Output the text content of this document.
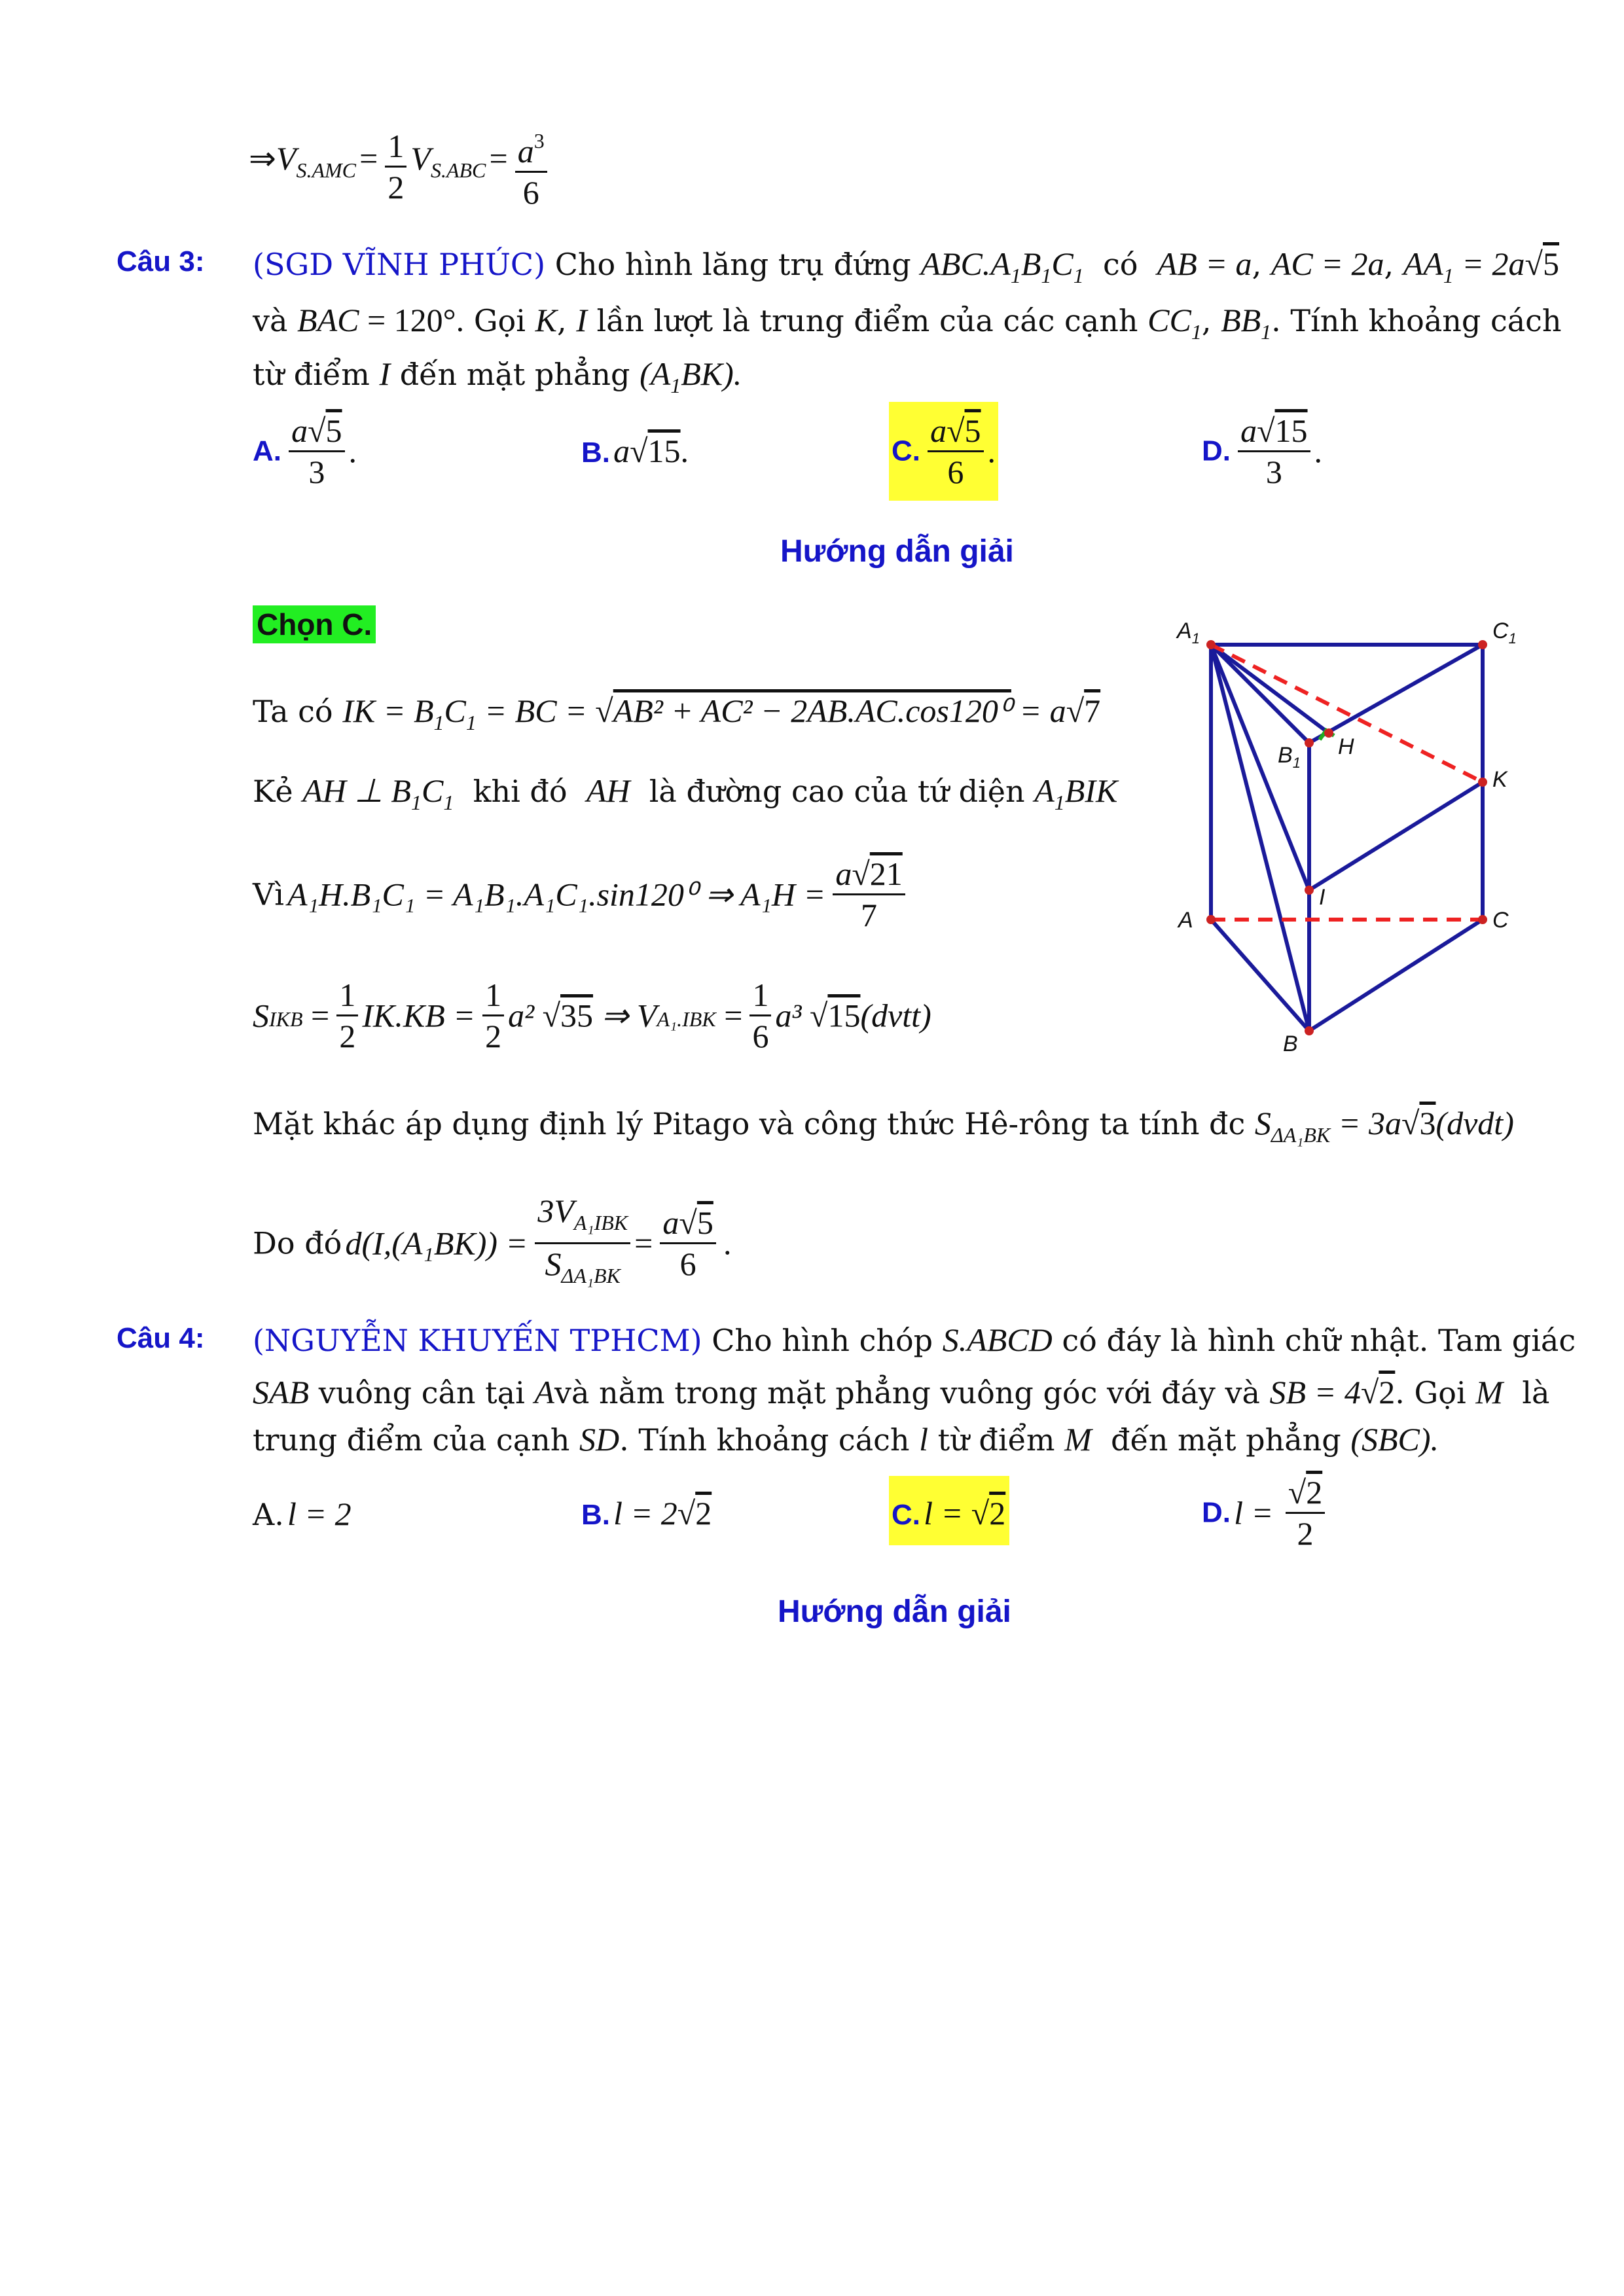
⇒VS.AMC = $\frac{1}{2} VS.ABC = \frac{a^3}{6}$
Câu 3: (SGD VĨNH PHÚC) Cho hình lăng trụ đứng $ABC.A_1B_1C_1$ có AB = a, AC = 2a, $AA_1 = 2a√5$
và BAC = 120°. Gọi K, I lần lượt là trung điểm của các cạnh $CC_1$, $BB_1$. Tính khoảng cách
từ điểm I đến mặt phẳng $(A_1BK)$.
A. $\frac{a√5}{3}$ .	B. a√15.	C. $\frac{a√5}{6}$ .	D. $\frac{a√15}{3}$ .
Hướng dẫn giải
Chọn C.
Ta có IK = $B_1C_1$ = BC = √AB² + AC² − 2AB.AC.cos120⁰ = a√7
Kẻ AH ⊥ $B_1C_1$ khi đó AH là đường cao của tứ diện $A_1BIK$
Vì A₁H.B₁C₁ = A₁B₁.A₁C₁.sin120⁰ ⇒ $A_1H = \frac{a√21}{7}$
SIKB = $\frac{1}{2} IK.KB = \frac{1}{2} a^2$ √35 ⇒ $VA_1.IBK = \frac{1}{6} a^3$ √15(dvtt)
Mặt khác áp dụng định lý Pitago và công thức Hê-rông ta tính đc $S_{\Delta A_1BK}$ = 3a√3(dvdt)
Do đó $d(I,(A_1BK)) = \frac{3V_{A_1IBK}}{S_{\Delta A_1BK}} = \frac{a√5}{6}$ .
$A_1$	$C_1$
$B_1$
H
K
I
A	C
B
Câu 4: (NGUYỄN KHUYẾN TPHCM) Cho hình chóp S.ABCD có đáy là hình chữ nhật. Tam giác
SAB vuông cân tại Avà nằm trong mặt phẳng vuông góc với đáy và SB = 4√2. Gọi M là
trung điểm của cạnh SD. Tính khoảng cách l từ điểm M đến mặt phẳng (SBC).
A. l = 2	B. l = 2√2	C. l = √2	D. $l = \frac{√2}{2}$
Hướng dẫn giải
